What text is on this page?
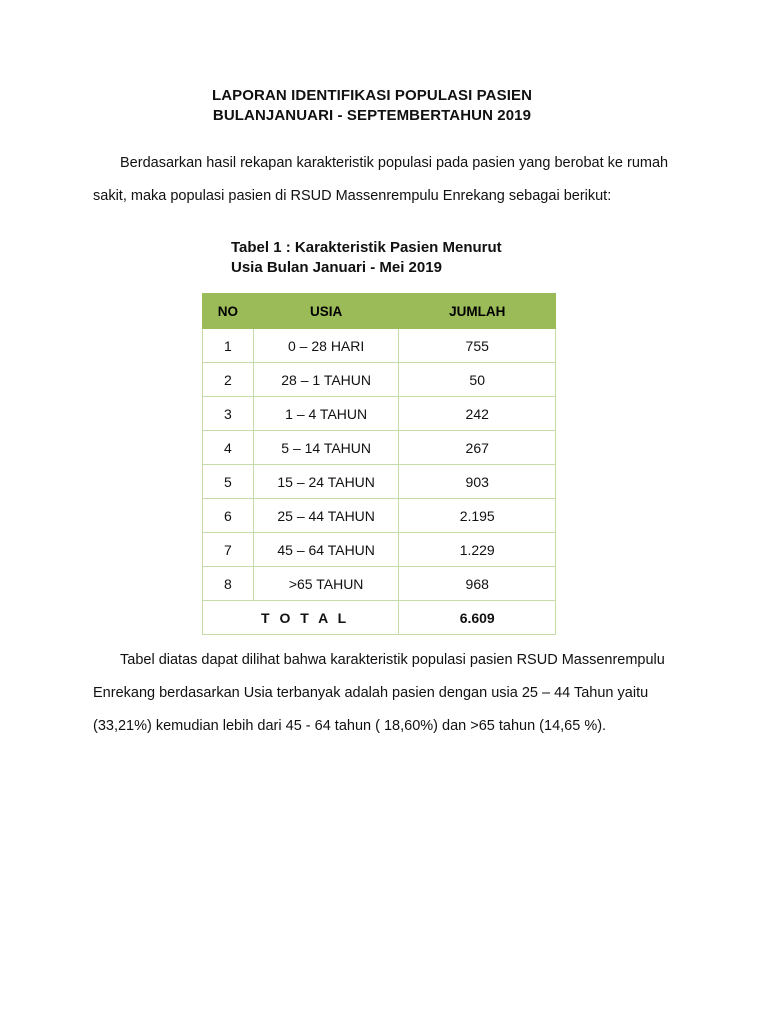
LAPORAN IDENTIFIKASI POPULASI PASIEN
BULANJANUARI - SEPTEMBERTAHUN 2019

Berdasarkan hasil rekapan karakteristik populasi pada pasien yang berobat ke rumah
sakit, maka populasi pasien di RSUD Massenrempulu Enrekang sebagai berikut:

Tabel 1 : Karakteristik Pasien Menurut
Usia Bulan Januari - Mei 2019
NO	USIA	JUMLAH
1	0 – 28 HARI	755
2	28 – 1 TAHUN	50
3	1 – 4 TAHUN	242
4	5 – 14 TAHUN	267
5	15 – 24 TAHUN	903
6	25 – 44 TAHUN	2.195
7	45 – 64 TAHUN	1.229
8	>65 TAHUN	968
T O T A L		6.609

Tabel diatas dapat dilihat bahwa karakteristik populasi pasien RSUD Massenrempulu
Enrekang berdasarkan Usia terbanyak adalah pasien dengan usia 25 – 44 Tahun yaitu
(33,21%) kemudian lebih dari 45 - 64 tahun ( 18,60%) dan >65 tahun (14,65 %).
